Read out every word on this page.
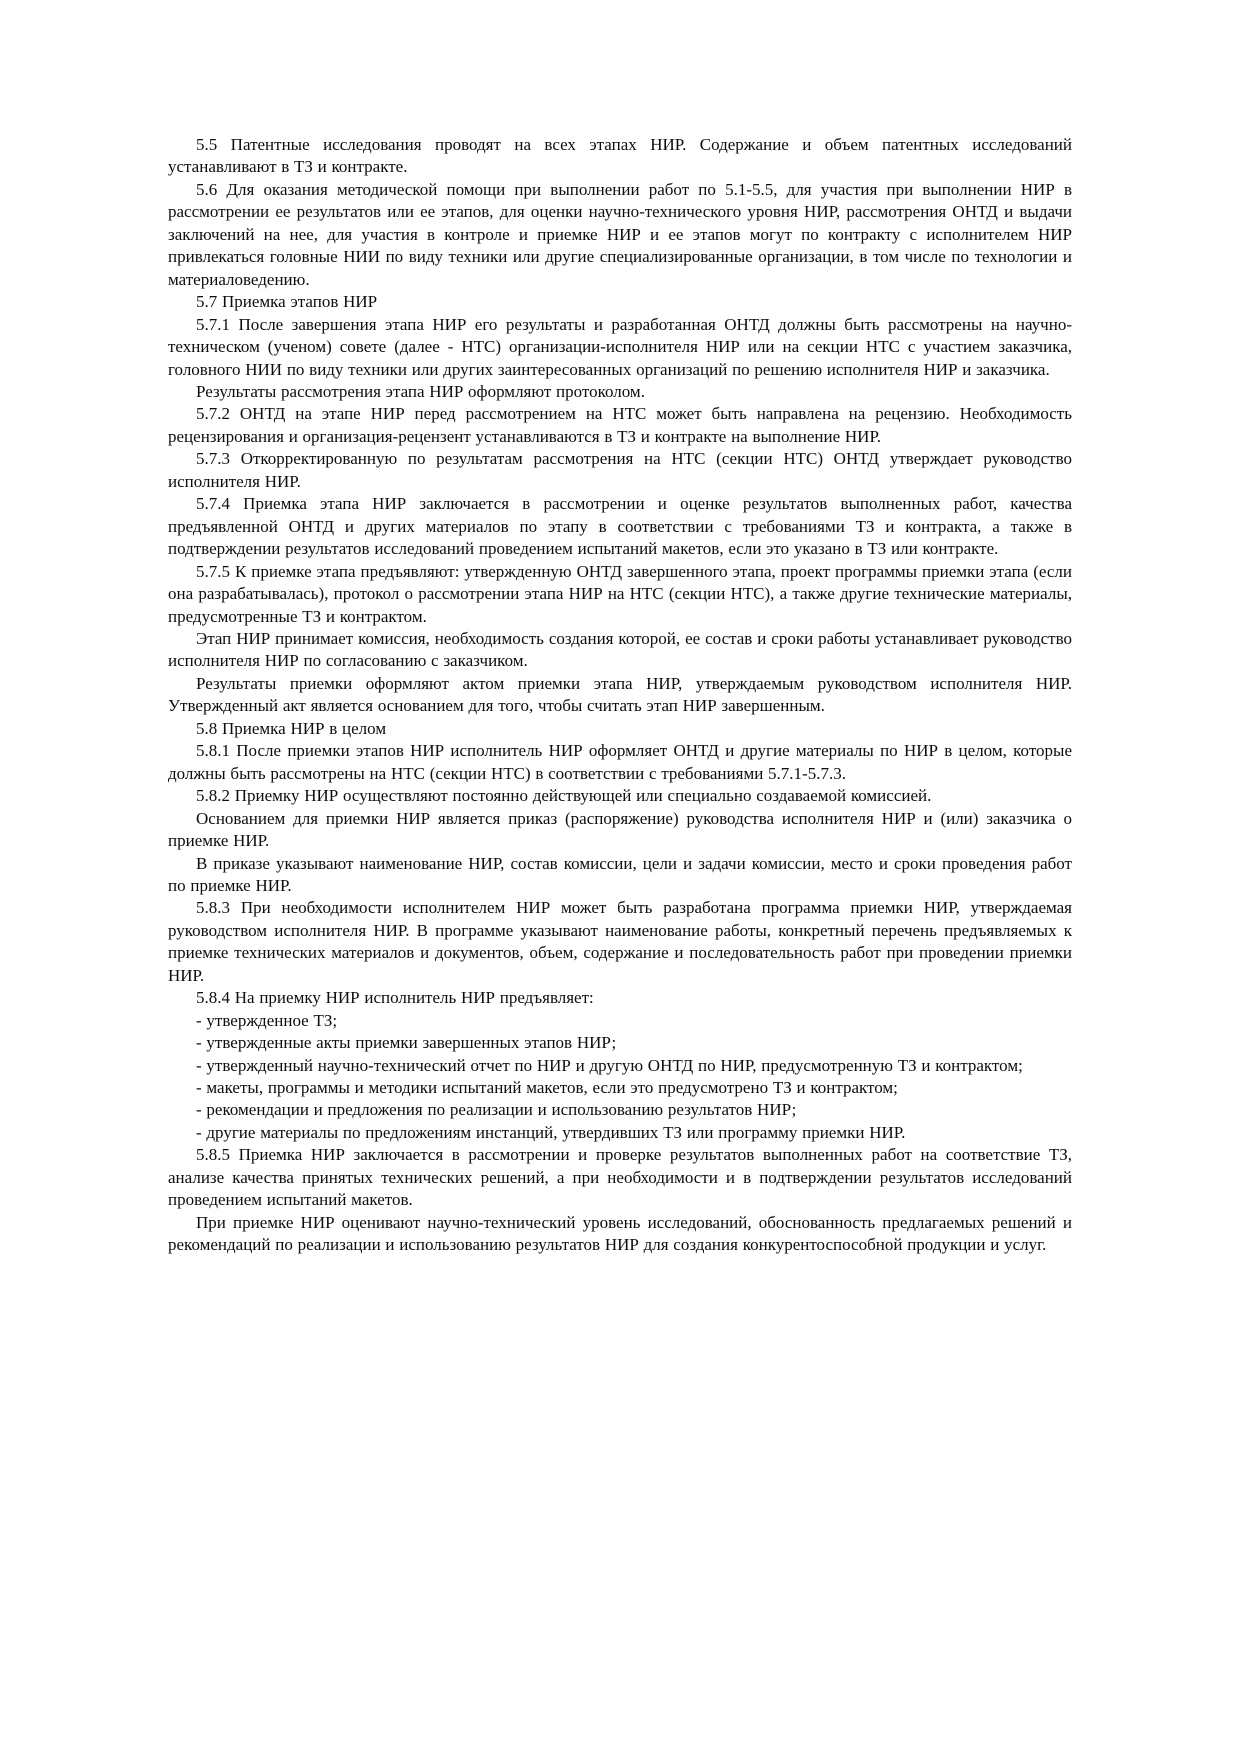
5.5 Патентные исследования проводят на всех этапах НИР. Содержание и объем патентных исследований устанавливают в ТЗ и контракте.

5.6 Для оказания методической помощи при выполнении работ по 5.1-5.5, для участия при выполнении НИР в рассмотрении ее результатов или ее этапов, для оценки научно-технического уровня НИР, рассмотрения ОНТД и выдачи заключений на нее, для участия в контроле и приемке НИР и ее этапов могут по контракту с исполнителем НИР привлекаться головные НИИ по виду техники или другие специализированные организации, в том числе по технологии и материаловедению.

5.7 Приемка этапов НИР

5.7.1 После завершения этапа НИР его результаты и разработанная ОНТД должны быть рассмотрены на научно-техническом (ученом) совете (далее - НТС) организации-исполнителя НИР или на секции НТС с участием заказчика, головного НИИ по виду техники или других заинтересованных организаций по решению исполнителя НИР и заказчика.

Результаты рассмотрения этапа НИР оформляют протоколом.

5.7.2 ОНТД на этапе НИР перед рассмотрением на НТС может быть направлена на рецензию. Необходимость рецензирования и организация-рецензент устанавливаются в ТЗ и контракте на выполнение НИР.

5.7.3 Откорректированную по результатам рассмотрения на НТС (секции НТС) ОНТД утверждает руководство исполнителя НИР.

5.7.4 Приемка этапа НИР заключается в рассмотрении и оценке результатов выполненных работ, качества предъявленной ОНТД и других материалов по этапу в соответствии с требованиями ТЗ и контракта, а также в подтверждении результатов исследований проведением испытаний макетов, если это указано в ТЗ или контракте.

5.7.5 К приемке этапа предъявляют: утвержденную ОНТД завершенного этапа, проект программы приемки этапа (если она разрабатывалась), протокол о рассмотрении этапа НИР на НТС (секции НТС), а также другие технические материалы, предусмотренные ТЗ и контрактом.

Этап НИР принимает комиссия, необходимость создания которой, ее состав и сроки работы устанавливает руководство исполнителя НИР по согласованию с заказчиком.

Результаты приемки оформляют актом приемки этапа НИР, утверждаемым руководством исполнителя НИР. Утвержденный акт является основанием для того, чтобы считать этап НИР завершенным.

5.8 Приемка НИР в целом

5.8.1 После приемки этапов НИР исполнитель НИР оформляет ОНТД и другие материалы по НИР в целом, которые должны быть рассмотрены на НТС (секции НТС) в соответствии с требованиями 5.7.1-5.7.3.

5.8.2 Приемку НИР осуществляют постоянно действующей или специально создаваемой комиссией.

Основанием для приемки НИР является приказ (распоряжение) руководства исполнителя НИР и (или) заказчика о приемке НИР.

В приказе указывают наименование НИР, состав комиссии, цели и задачи комиссии, место и сроки проведения работ по приемке НИР.

5.8.3 При необходимости исполнителем НИР может быть разработана программа приемки НИР, утверждаемая руководством исполнителя НИР. В программе указывают наименование работы, конкретный перечень предъявляемых к приемке технических материалов и документов, объем, содержание и последовательность работ при проведении приемки НИР.

5.8.4 На приемку НИР исполнитель НИР предъявляет:

- утвержденное ТЗ;

- утвержденные акты приемки завершенных этапов НИР;

- утвержденный научно-технический отчет по НИР и другую ОНТД по НИР, предусмотренную ТЗ и контрактом;

- макеты, программы и методики испытаний макетов, если это предусмотрено ТЗ и контрактом;

- рекомендации и предложения по реализации и использованию результатов НИР;

- другие материалы по предложениям инстанций, утвердивших ТЗ или программу приемки НИР.

5.8.5 Приемка НИР заключается в рассмотрении и проверке результатов выполненных работ на соответствие ТЗ, анализе качества принятых технических решений, а при необходимости и в подтверждении результатов исследований проведением испытаний макетов.

При приемке НИР оценивают научно-технический уровень исследований, обоснованность предлагаемых решений и рекомендаций по реализации и использованию результатов НИР для создания конкурентоспособной продукции и услуг.
